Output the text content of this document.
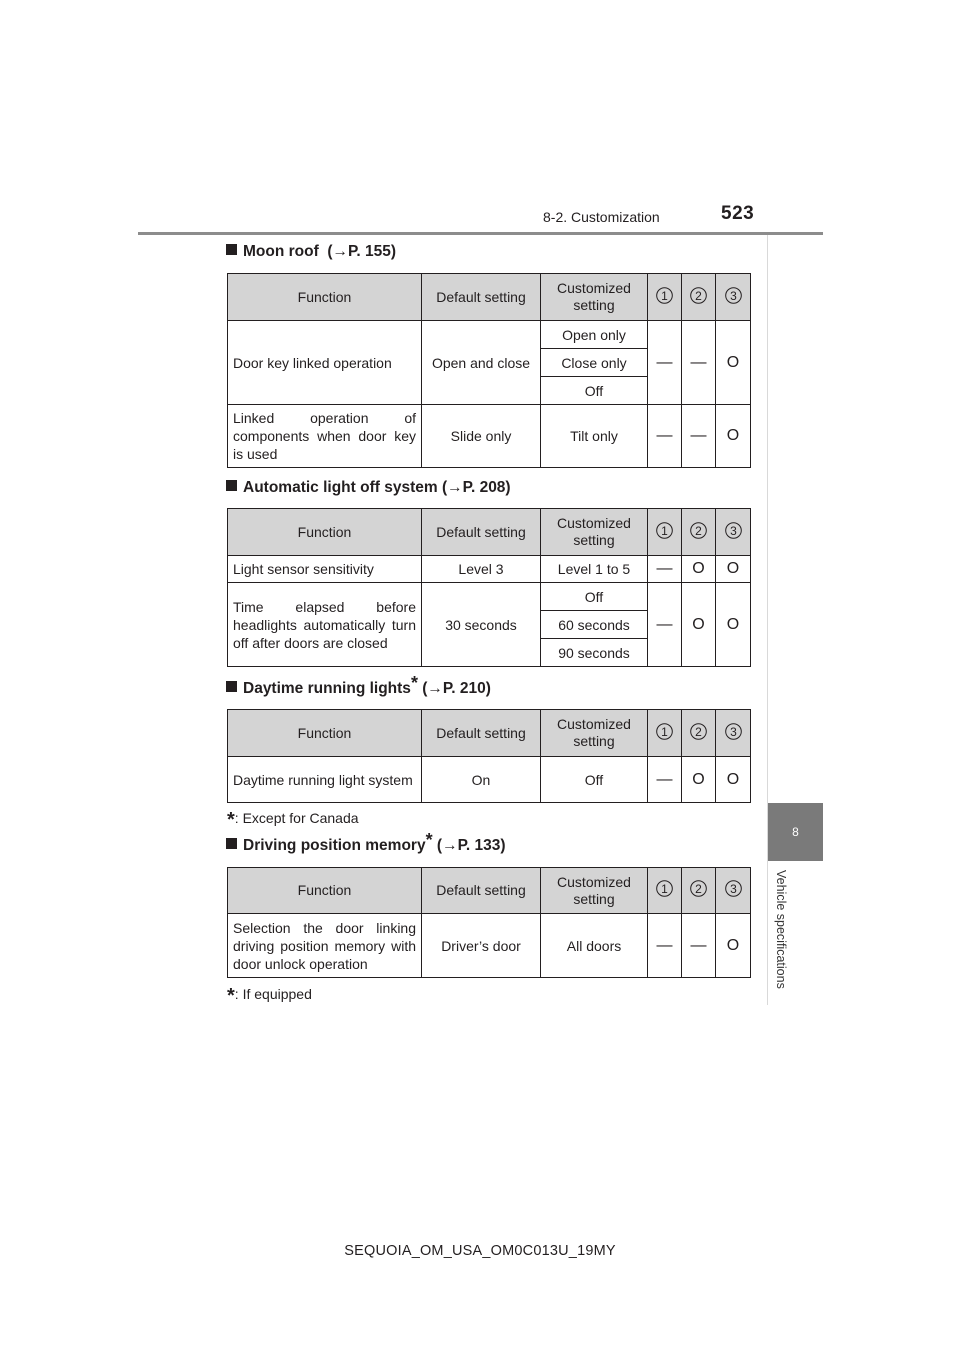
8-2. Customization	523
8
Vehicle specifications
Moon roof (→P. 155)
Function	Default setting	Customized setting	1	2	3

Door key linked operation	Open and close	Open only	—	—	O
		Close only			
		Off			
Linked operation of components when door key is used	Slide only	Tilt only	—	—	O
Automatic light off system (→P. 208)
Function	Default setting	Customized setting	1	2	3

Light sensor sensitivity	Level 3	Level 1 to 5	—	O	O
Time elapsed before headlights automatically turn off after doors are closed	30 seconds	Off	—	O	O
		60 seconds			
		90 seconds			
Daytime running lights* (→P. 210)
Function	Default setting	Customized setting	1	2	3

Daytime running light system	On	Off	—	O	O
*: Except for Canada
Driving position memory* (→P. 133)
Function	Default setting	Customized setting	1	2	3

Selection the door linking driving position memory with door unlock operation	Driver’s door	All doors	—	—	O
*: If equipped
SEQUOIA_OM_USA_OM0C013U_19MY
